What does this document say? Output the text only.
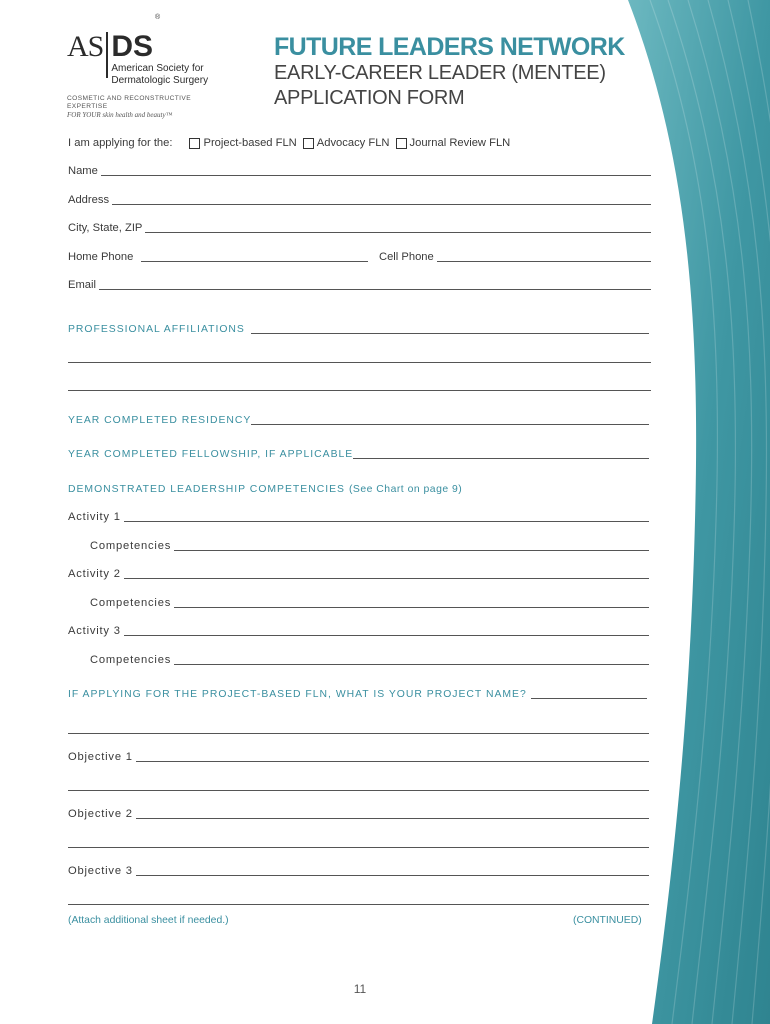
AS DS
®
American Society for
Dermatologic Surgery
COSMETIC AND RECONSTRUCTIVE EXPERTISE
FOR YOUR skin health and beauty™
FUTURE LEADERS NETWORK
EARLY-CAREER LEADER (MENTEE)
APPLICATION FORM
I am applying for the:	Project-based FLN Advocacy FLN Journal Review FLN
Name
Address
City, State, ZIP
Home Phone	Cell Phone
Email
PROFESSIONAL AFFILIATIONS
YEAR COMPLETED RESIDENCY
YEAR COMPLETED FELLOWSHIP, IF APPLICABLE
DEMONSTRATED LEADERSHIP COMPETENCIES (See Chart on page 9)
Activity 1
Competencies
Activity 2
Competencies
Activity 3
Competencies
IF APPLYING FOR THE PROJECT-BASED FLN, WHAT IS YOUR PROJECT NAME?
Objective 1
Objective 2
Objective 3
(Attach additional sheet if needed.)	(CONTINUED)
11
